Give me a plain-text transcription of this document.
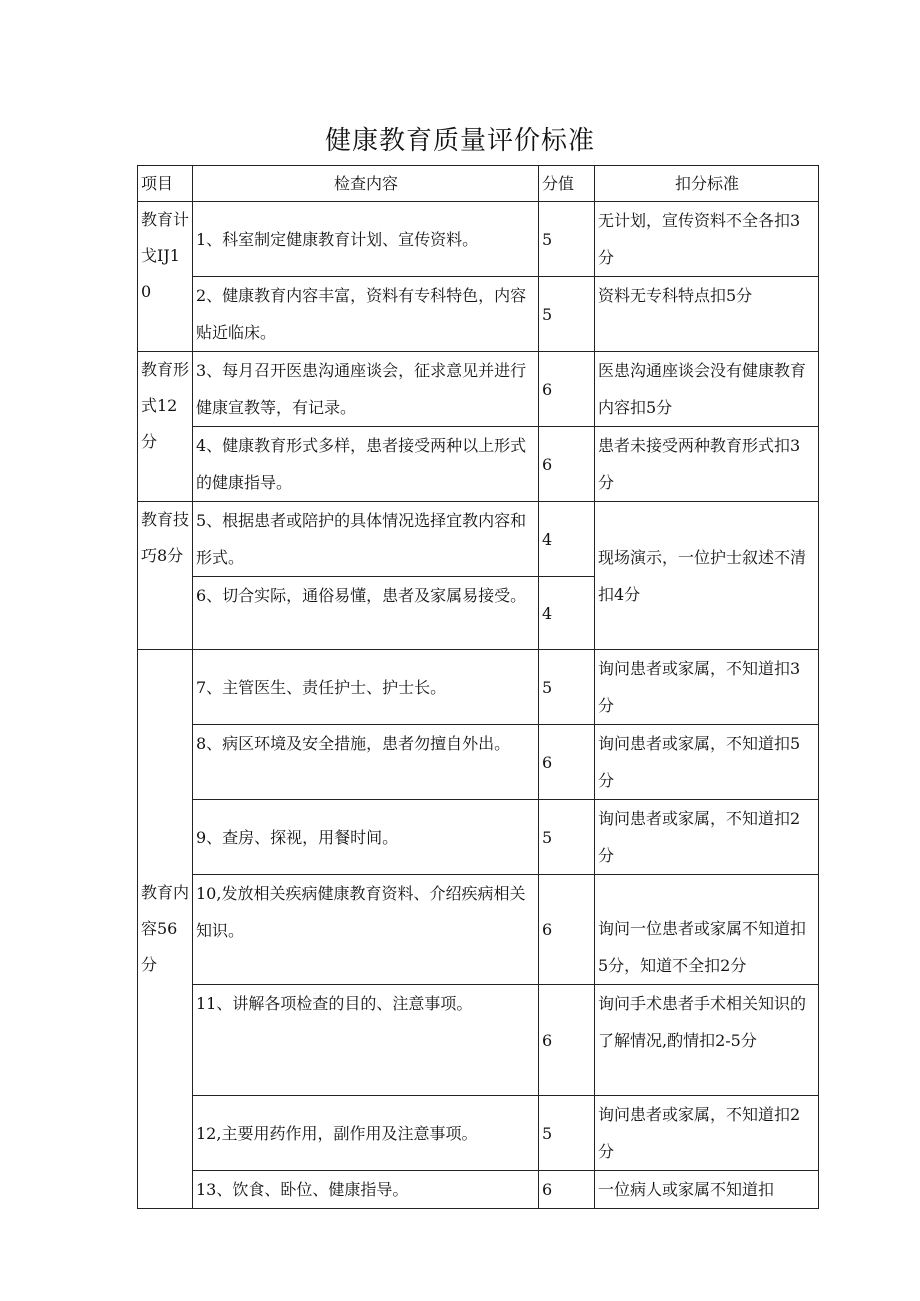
健康教育质量评价标准
项目	检查内容	分值	扣分标准
教育计戈IJ10	1、科室制定健康教育计划、宣传资料。	5	无计划，宣传资料不全各扣3分
	2、健康教育内容丰富，资料有专科特色，内容贴近临床。	5	资料无专科特点扣5分
教育形式12分	3、每月召开医患沟通座谈会，征求意见并进行健康宣教等，有记录。	6	医患沟通座谈会没有健康教育内容扣5分
	4、健康教育形式多样，患者接受两种以上形式的健康指导。	6	患者未接受两种教育形式扣3分
教育技巧8分	5、根据患者或陪护的具体情况选择宜教内容和形式。	4	现场演示，一位护士叙述不清扣4分
	6、切合实际，通俗易懂，患者及家属易接受。	4	
教育内容56分	7、主管医生、责任护士、护士长。	5	询问患者或家属，不知道扣3分
	8、病区环境及安全措施，患者勿擅自外出。	6	询问患者或家属，不知道扣5分
	9、查房、探视，用餐时间。	5	询问患者或家属，不知道扣2分
	10,发放相关疾病健康教育资料、介绍疾病相关知识。	6	询问一位患者或家属不知道扣5分，知道不全扣2分
	11、讲解各项检查的目的、注意事项。	6	询问手术患者手术相关知识的了解情况,酌情扣2-5分
	12,主要用药作用，副作用及注意事项。	5	询问患者或家属，不知道扣2分
	13、饮食、卧位、健康指导。	6	一位病人或家属不知道扣
